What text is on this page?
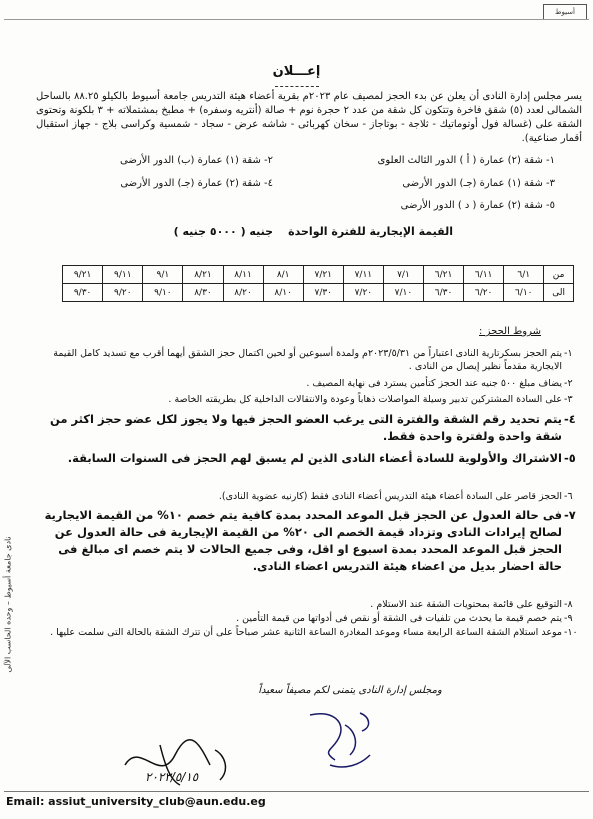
أسيوط
إعـــلان
يسر مجلس إدارة النادى أن يعلن عن بدء الحجز لمصيف عام ٢٠٢٣م بقرية أعضاء هيئة التدريس جامعة أسيوط بالكيلو ٨٨.٢٥ بالساحل الشمالى لعدد (٥) شقق فاخرة وتتكون كل شقة من عدد ٢ حجرة نوم + صالة (أنتريه وسفره) + مطبخ بمشتملاته + ٣ بلكونة وتحتوى الشقة على (غسالة فول أوتوماتيك - ثلاجة - بوتاجاز - سخان كهربائى - شاشه عرض - سجاد - شمسية وكراسى بلاج - جهاز استقبال أقمار صناعية).
١- شقة (٢) عمارة ( أ ) الدور الثالث العلوى
٢- شقة (١) عمارة (ب) الدور الأرضى
٣- شقة (١) عمارة (جـ) الدور الأرضى
٤- شقة (٢) عمارة (جـ) الدور الأرضى
٥- شقة (٢) عمارة ( د ) الدور الأرضى
القيمة الإيجارية للفترة الواحدة
جنيه ( ٥٠٠٠ جنيه )
من	٦/١	٦/١١	٦/٢١	٧/١	٧/١١	٧/٢١	٨/١	٨/١١	٨/٢١	٩/١	٩/١١	٩/٢١
الى	٦/١٠	٦/٢٠	٦/٣٠	٧/١٠	٧/٢٠	٧/٣٠	٨/١٠	٨/٢٠	٨/٣٠	٩/١٠	٩/٢٠	٩/٣٠
شروط الحجز :
-١
يتم الحجز بسكرتارية النادى اعتباراً من ٢٠٢٣/٥/٣١م ولمدة أسبوعين أو لحين اكتمال حجز الشقق أيهما أقرب مع تسديد كامل القيمة الايجارية مقدماً نظير إيصال من النادى .
-٢
يضاف مبلغ ٥٠٠ جنيه عند الحجز كتأمين يسترد فى نهاية المصيف .
-٣
على السادة المشتركين تدبير وسيلة المواصلات ذهاباً وعودة والانتقالات الداخلية كل بطريقته الخاصة .
-٤
يتم تحديد رقم الشقة والفترة التى يرغب العضو الحجز فيها ولا يجوز لكل عضو حجز اكثر من شقة واحدة ولفترة واحدة فقط.
-٥
الاشتراك والأولوية للسادة أعضاء النادى الذين لم يسبق لهم الحجز فى السنوات السابقة.
-٦
الحجز قاصر على السادة أعضاء هيئة التدريس أعضاء النادى فقط (كارنيه عضوية النادى).
-٧
فى حالة العدول عن الحجز قبل الموعد المحدد بمدة كافية يتم خصم ١٠% من القيمة الايجارية لصالح إيرادات النادى وتزداد قيمة الخصم الى ٢٠% من القيمة الإيجارية فى حالة العدول عن الحجز قبل الموعد المحدد بمدة اسبوع او اقل، وفى جميع الحالات لا يتم خصم اى مبالغ فى حالة احضار بديل من اعضاء هيئة التدريس اعضاء النادى.
-٨
التوقيع على قائمة بمحتويات الشقة عند الاستلام .
-٩
يتم خصم قيمة ما يحدث من تلفيات فى الشقة أو نقص فى أدواتها من قيمة التأمين .
-١٠
موعد استلام الشقة الساعة الرابعة مساء وموعد المغادرة الساعة الثانية عشر صباحاً على أن تترك الشقة بالحالة التى سلمت عليها .
ومجلس إدارة النادى يتمنى لكم مصيفاً سعيداً
٢٠٢٣/٥/١٥
نادى جامعة أسيوط – وحده الحاسب الآلى
Email: assiut_university_club@aun.edu.eg
